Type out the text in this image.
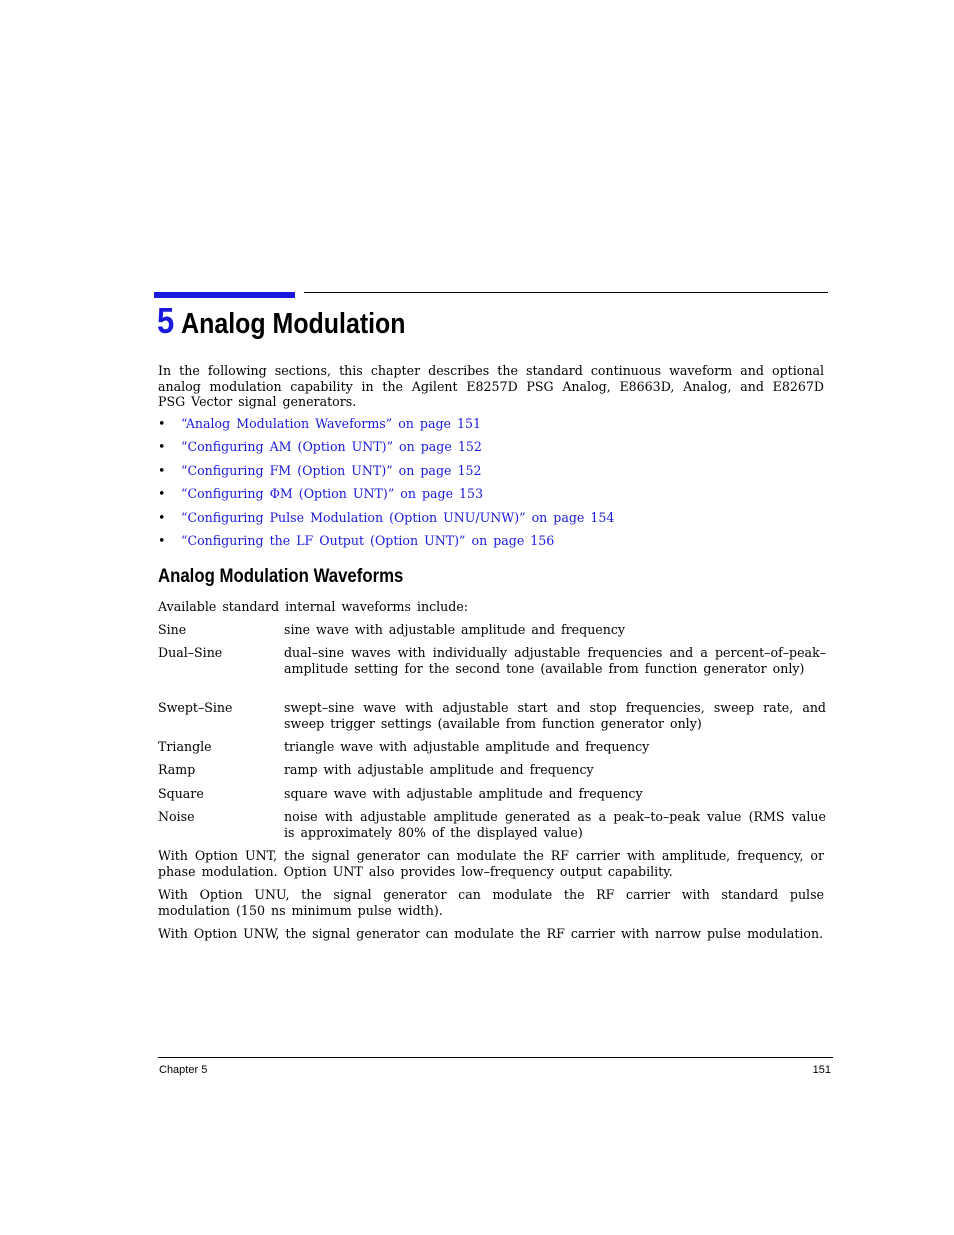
5 Analog Modulation

In the following sections, this chapter describes the standard continuous waveform and optional analog modulation capability in the Agilent E8257D PSG Analog, E8663D, Analog, and E8267D PSG Vector signal generators.

• “Analog Modulation Waveforms” on page 151
• “Configuring AM (Option UNT)” on page 152
• “Configuring FM (Option UNT)” on page 152
• “Configuring ΦM (Option UNT)” on page 153
• “Configuring Pulse Modulation (Option UNU/UNW)” on page 154
• “Configuring the LF Output (Option UNT)” on page 156
Analog Modulation Waveforms

Available standard internal waveforms include:

Sine	sine wave with adjustable amplitude and frequency

Dual–Sine	dual–sine waves with individually adjustable frequencies and a percent–of–peak–amplitude setting for the second tone (available from function generator only)

Swept–Sine	swept–sine wave with adjustable start and stop frequencies, sweep rate, and sweep trigger settings (available from function generator only)

Triangle	triangle wave with adjustable amplitude and frequency

Ramp	ramp with adjustable amplitude and frequency

Square	square wave with adjustable amplitude and frequency

Noise	noise with adjustable amplitude generated as a peak–to–peak value (RMS value is approximately 80% of the displayed value)

With Option UNT, the signal generator can modulate the RF carrier with amplitude, frequency, or phase modulation. Option UNT also provides low–frequency output capability.

With Option UNU, the signal generator can modulate the RF carrier with standard pulse modulation (150 ns minimum pulse width).

With Option UNW, the signal generator can modulate the RF carrier with narrow pulse modulation.

Chapter 5	151
